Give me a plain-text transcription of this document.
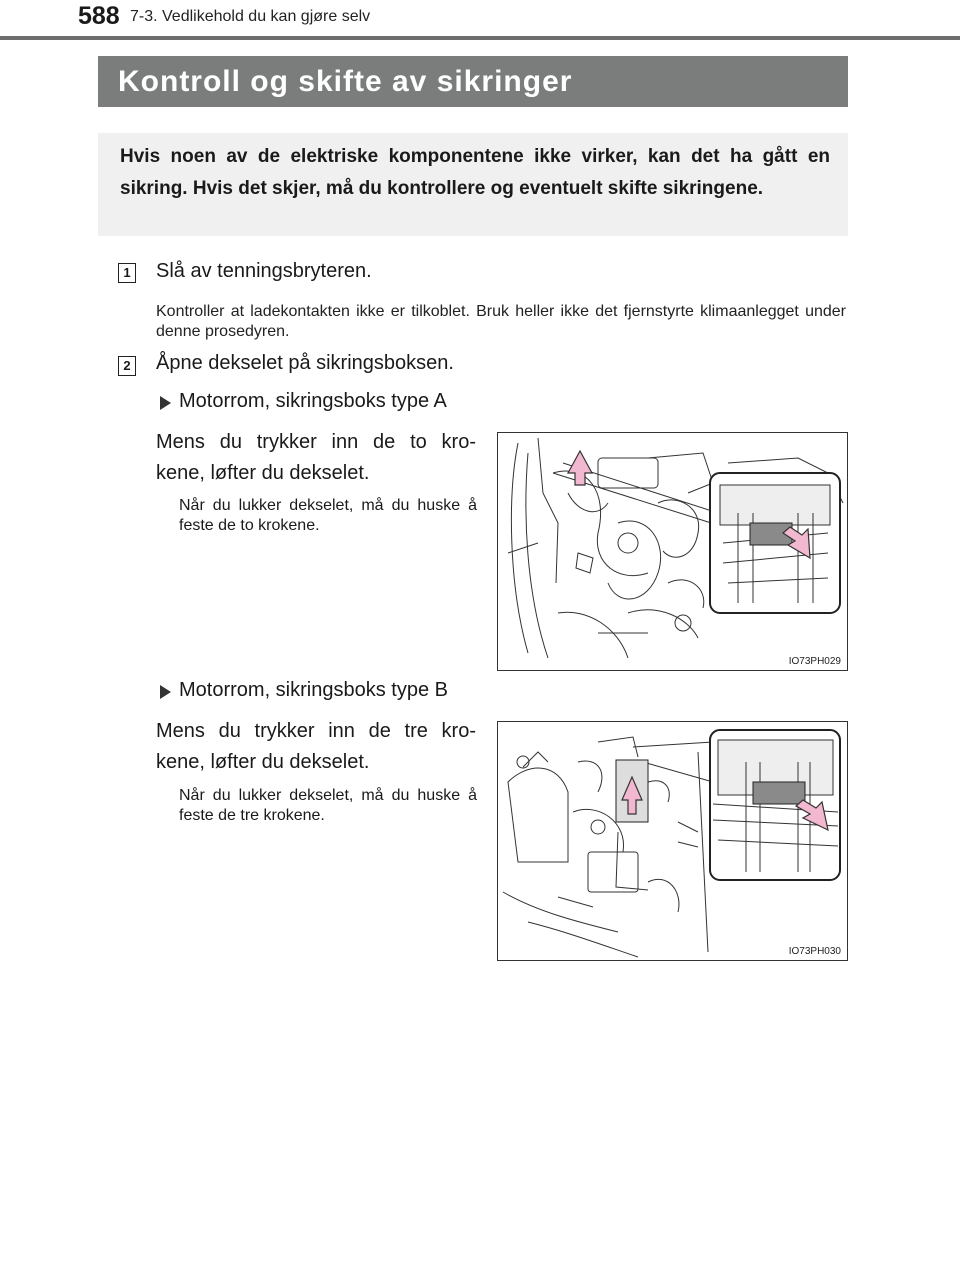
588 7-3. Vedlikehold du kan gjøre selv
Kontroll og skifte av sikringer
Hvis noen av de elektriske komponentene ikke virker, kan det ha gått en sikring. Hvis det skjer, må du kontrollere og eventuelt skifte sikringene.
1 Slå av tenningsbryteren.
Kontroller at ladekontakten ikke er tilkoblet. Bruk heller ikke det fjernstyrte klimaanlegget under denne prosedyren.
2 Åpne dekselet på sikringsboksen.
Motorrom, sikringsboks type A
Mens du trykker inn de to kro-
kene, løfter du dekselet.
Når du lukker dekselet, må du huske å feste de to krokene.
IO73PH029
Motorrom, sikringsboks type B
Mens du trykker inn de tre kro-
kene, løfter du dekselet.
Når du lukker dekselet, må du huske å feste de tre krokene.
IO73PH030
